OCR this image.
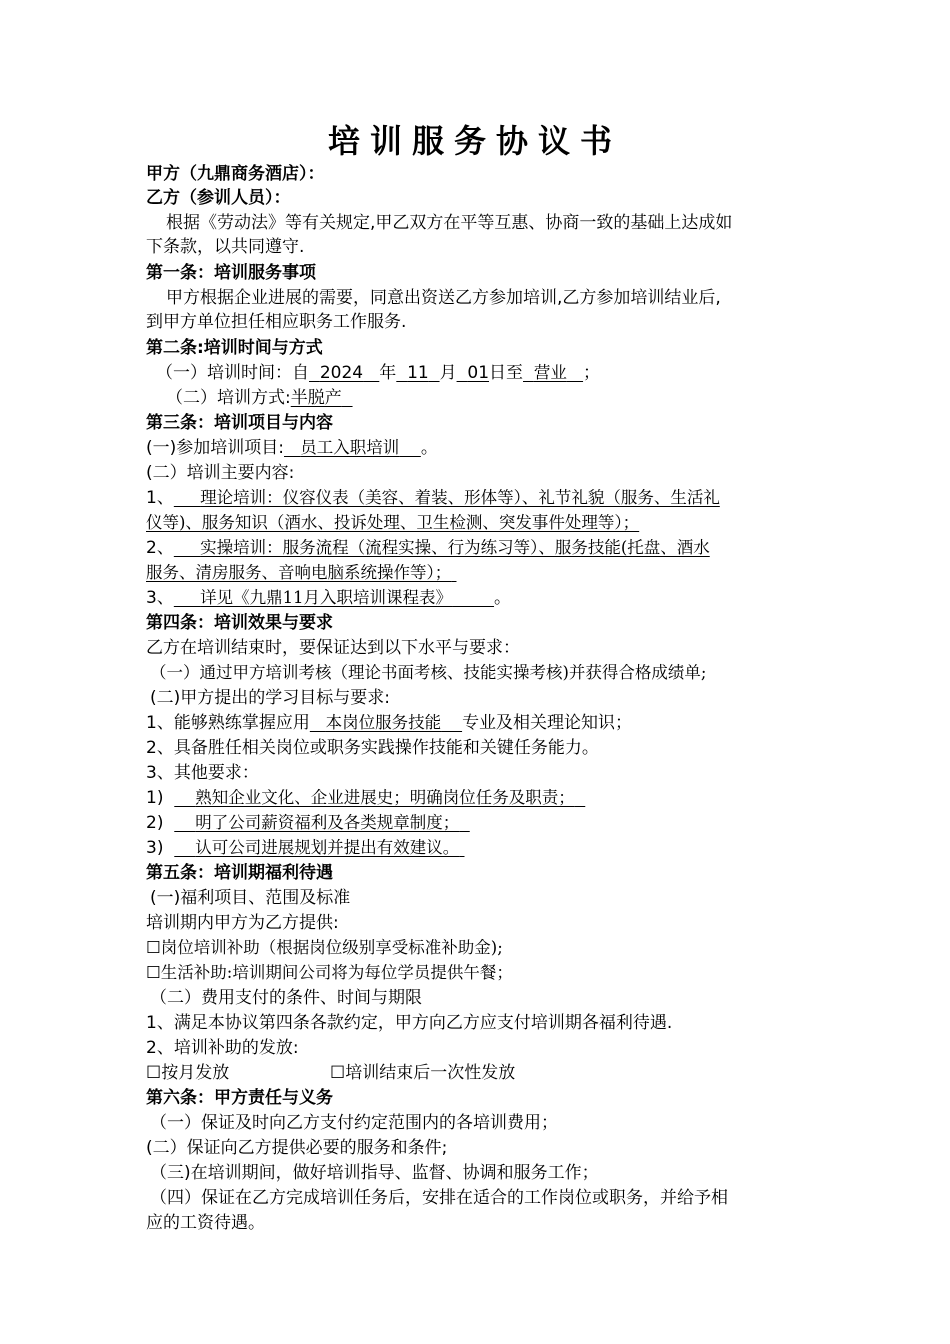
培训服务协议书
甲方（九鼎商务酒店）：
乙方（参训人员）：
根据《劳动法》等有关规定,甲乙双方在平等互惠、协商一致的基础上达成如
下条款，以共同遵守.
第一条：培训服务事项
甲方根据企业进展的需要，同意出资送乙方参加培训,乙方参加培训结业后,
到甲方单位担任相应职务工作服务.
第二条:培训时间与方式
（一）培训时间：自 2024 年 11 月 01日至 营业 ；
（二）培训方式:半脱产
第三条：培训项目与内容
(一)参加培训项目: 员工入职培训 。
(二）培训主要内容:
1、 理论培训：仪容仪表（美容、着装、形体等）、礼节礼貌（服务、生活礼
仪等)、服务知识（酒水、投诉处理、卫生检测、突发事件处理等）；
2、 实操培训：服务流程（流程实操、行为练习等）、服务技能(托盘、酒水
服务、清房服务、音响电脑系统操作等）；
3、 详见《九鼎11月入职培训课程表》 。
第四条：培训效果与要求
乙方在培训结束时，要保证达到以下水平与要求：
（一）通过甲方培训考核（理论书面考核、技能实操考核)并获得合格成绩单;
(二)甲方提出的学习目标与要求:
1、能够熟练掌握应用 本岗位服务技能 专业及相关理论知识；
2、具备胜任相关岗位或职务实践操作技能和关键任务能力。
3、其他要求：
1) 熟知企业文化、企业进展史；明确岗位任务及职责；
2) 明了公司薪资福利及各类规章制度；
3) 认可公司进展规划并提出有效建议。
第五条：培训期福利待遇
(一)福利项目、范围及标准
培训期内甲方为乙方提供:
☐岗位培训补助（根据岗位级别享受标准补助金);
☐生活补助:培训期间公司将为每位学员提供午餐；
（二）费用支付的条件、时间与期限
1、满足本协议第四条各款约定，甲方向乙方应支付培训期各福利待遇.
2、培训补助的发放:
☐按月发放	☐培训结束后一次性发放
第六条：甲方责任与义务
（一）保证及时向乙方支付约定范围内的各培训费用；
(二）保证向乙方提供必要的服务和条件;
（三)在培训期间，做好培训指导、监督、协调和服务工作；
（四）保证在乙方完成培训任务后，安排在适合的工作岗位或职务，并给予相
应的工资待遇。
